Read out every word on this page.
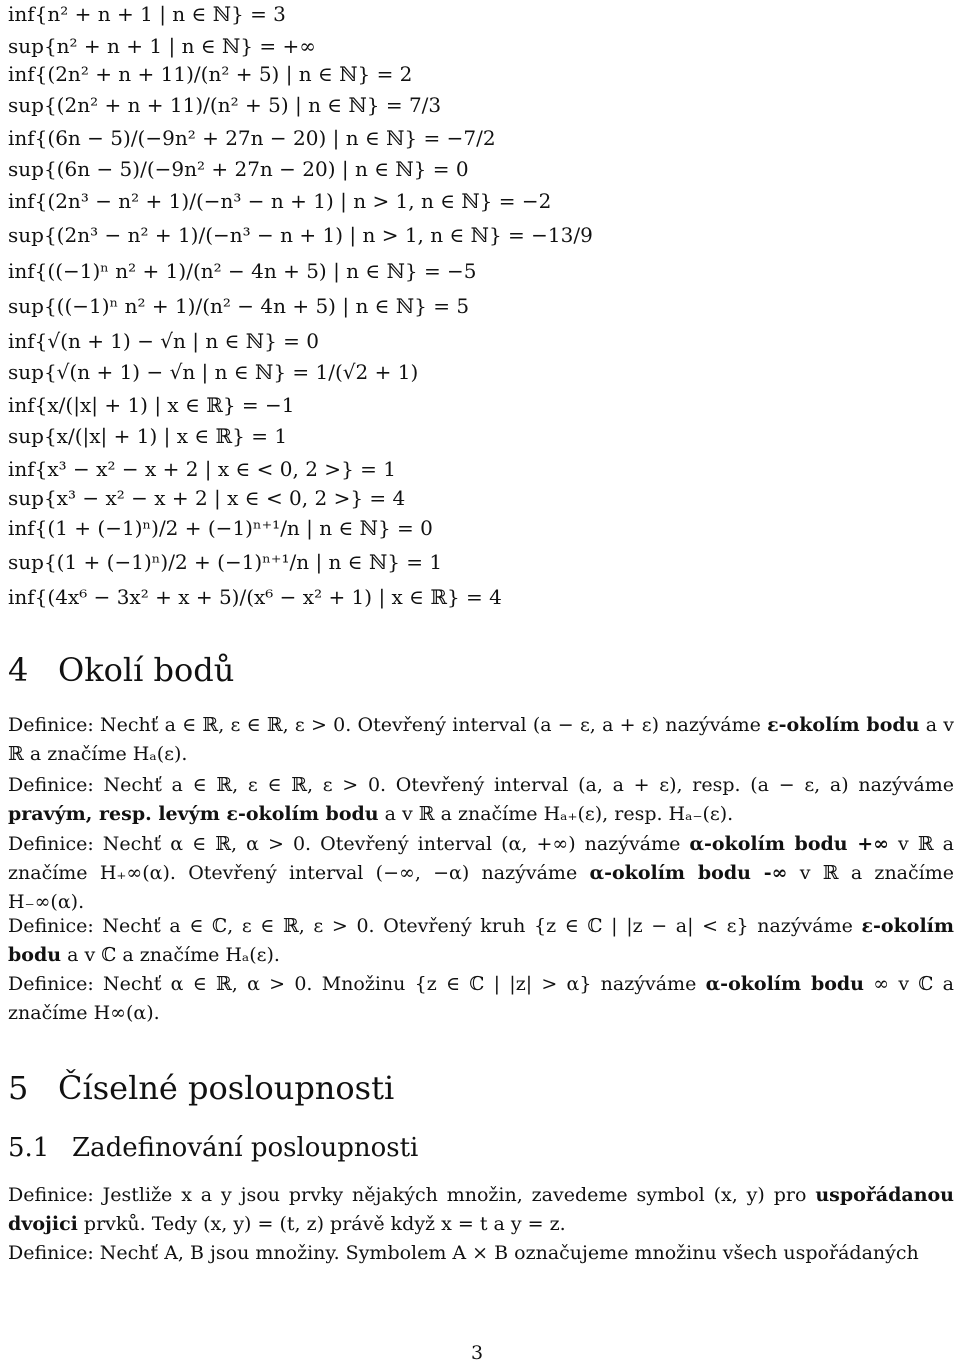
inf{n² + n + 1 | n ∈ ℕ} = 3
sup{n² + n + 1 | n ∈ ℕ} = +∞
inf{(2n² + n + 11)/(n² + 5) | n ∈ ℕ} = 2
sup{(2n² + n + 11)/(n² + 5) | n ∈ ℕ} = 7/3
inf{(6n − 5)/(−9n² + 27n − 20) | n ∈ ℕ} = −7/2
sup{(6n − 5)/(−9n² + 27n − 20) | n ∈ ℕ} = 0
inf{(2n³ − n² + 1)/(−n³ − n + 1) | n > 1, n ∈ ℕ} = −2
sup{(2n³ − n² + 1)/(−n³ − n + 1) | n > 1, n ∈ ℕ} = −13/9
inf{((−1)ⁿ n² + 1)/(n² − 4n + 5) | n ∈ ℕ} = −5
sup{((−1)ⁿ n² + 1)/(n² − 4n + 5) | n ∈ ℕ} = 5
inf{√(n + 1) − √n | n ∈ ℕ} = 0
sup{√(n + 1) − √n | n ∈ ℕ} = 1/(√2 + 1)
inf{x/(|x| + 1) | x ∈ ℝ} = −1
sup{x/(|x| + 1) | x ∈ ℝ} = 1
inf{x³ − x² − x + 2 | x ∈ < 0, 2 >} = 1
sup{x³ − x² − x + 2 | x ∈ < 0, 2 >} = 4
inf{(1 + (−1)ⁿ)/2 + (−1)ⁿ⁺¹/n | n ∈ ℕ} = 0
sup{(1 + (−1)ⁿ)/2 + (−1)ⁿ⁺¹/n | n ∈ ℕ} = 1
inf{(4x⁶ − 3x² + x + 5)/(x⁶ − x² + 1) | x ∈ ℝ} = 4
4 Okolí bodů
Definice: Nechť a ∈ ℝ, ε ∈ ℝ, ε > 0. Otevřený interval (a − ε, a + ε) nazýváme ε-okolím bodu a v ℝ a značíme Hₐ(ε).
Definice: Nechť a ∈ ℝ, ε ∈ ℝ, ε > 0. Otevřený interval (a, a + ε), resp. (a − ε, a) nazýváme pravým, resp. levým ε-okolím bodu a v ℝ a značíme Hₐ₊(ε), resp. Hₐ₋(ε).
Definice: Nechť α ∈ ℝ, α > 0. Otevřený interval (α, +∞) nazýváme α-okolím bodu +∞ v ℝ a značíme H₊∞(α). Otevřený interval (−∞, −α) nazýváme α-okolím bodu -∞ v ℝ a značíme H₋∞(α).
Definice: Nechť a ∈ ℂ, ε ∈ ℝ, ε > 0. Otevřený kruh {z ∈ ℂ | |z − a| < ε} nazýváme ε-okolím bodu a v ℂ a značíme Hₐ(ε).
Definice: Nechť α ∈ ℝ, α > 0. Množinu {z ∈ ℂ | |z| > α} nazýváme α-okolím bodu ∞ v ℂ a značíme H∞(α).
5 Číselné posloupnosti
5.1 Zadefinování posloupnosti
Definice: Jestliže x a y jsou prvky nějakých množin, zavedeme symbol (x, y) pro uspořádanou dvojici prvků. Tedy (x, y) = (t, z) právě když x = t a y = z.
Definice: Nechť A, B jsou množiny. Symbolem A × B označujeme množinu všech uspořádaných
3
